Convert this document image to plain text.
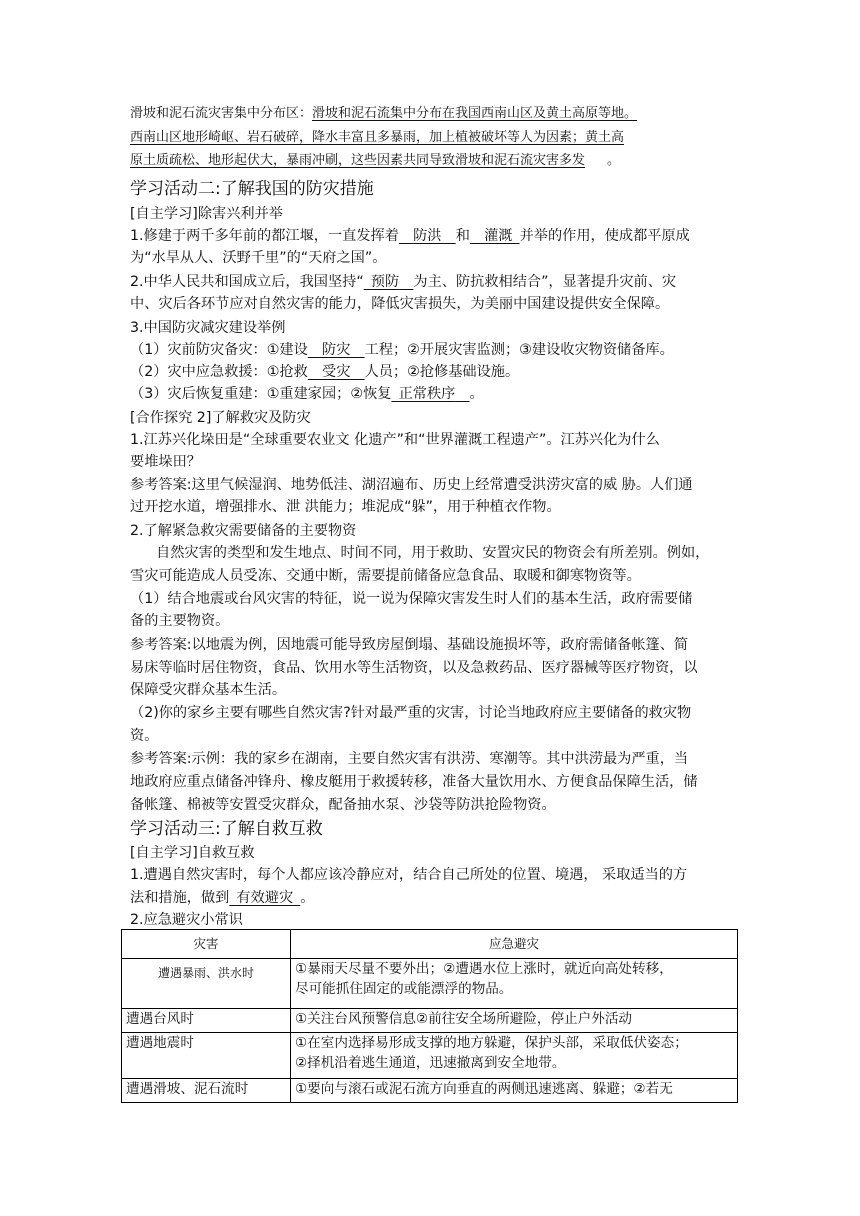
滑坡和泥石流灾害集中分布区：滑坡和泥石流集中分布在我国西南山区及黄土高原等地。
西南山区地形崎岖、岩石破碎，降水丰富且多暴雨，加上植被破坏等人为因素；黄土高
原土质疏松、地形起伏大，暴雨冲刷，这些因素共同导致滑坡和泥石流灾害多发 。
学习活动二:了解我国的防灾措施
[自主学习]除害兴利并举
1.修建于两千多年前的都江堰，一直发挥着  防洪  和  灌溉  并举的作用，使成都平原成
为“水旱从人、沃野千里”的“天府之国”。
2.中华人民共和国成立后，我国坚持“  预防  为主、防抗救相结合”，显著提升灾前、灾
中、灾后各环节应对自然灾害的能力，降低灾害损失，为美丽中国建设提供安全保障。
3.中国防灾减灾建设举例
（1）灾前防灾备灾：①建设  防灾  工程；②开展灾害监测；③建设收灾物资储备库。
（2）灾中应急救援：①抢救  受灾  人员；②抢修基础设施。
（3）灾后恢复重建：①重建家园；②恢复  正常秩序  。
[合作探究 2]了解救灾及防灾
1.江苏兴化垛田是“全球重要农业文 化遗产”和“世界灌溉工程遗产”。江苏兴化为什么
要堆垛田？
参考答案:这里气候湿润、地势低洼、湖沼遍布、历史上经常遭受洪涝灾富的威 胁。人们通
过开挖水道，增强排水、泄 洪能力；堆泥成“躲”，用于种植衣作物。
2.了解紧急救灾需要储备的主要物资
自然灾害的类型和发生地点、时间不同，用于救助、安置灾民的物资会有所差别。例如，
雪灾可能造成人员受冻、交通中断，需要提前储备应急食品、取暖和御寒物资等。
（1）结合地震或台风灾害的特征，说一说为保障灾害发生时人们的基本生活，政府需要储
备的主要物资。
参考答案:以地震为例，因地震可能导致房屋倒塌、基础设施损坏等，政府需储备帐篷、简
易床等临时居住物资，食品、饮用水等生活物资，以及急救药品、医疗器械等医疗物资，以
保障受灾群众基本生活。
（2)你的家乡主要有哪些自然灾害?针对最严重的灾害，讨论当地政府应主要储备的救灾物
资。
参考答案:示例：我的家乡在湖南，主要自然灾害有洪涝、寒潮等。其中洪涝最为严重，当
地政府应重点储备冲锋舟、橡皮艇用于救援转移，准备大量饮用水、方便食品保障生活，储
备帐篷、棉被等安置受灾群众，配备抽水泵、沙袋等防洪抢险物资。
学习活动三:了解自救互救
[自主学习]自救互救
1.遭遇自然灾害时，每个人都应该冷静应对，结合自己所处的位置、境遇， 采取适当的方
法和措施，做到  有效避灾  。
2.应急避灾小常识
灾害	应急避灾
遭遇暴雨、洪水时	①暴雨天尽量不要外出；②遭遇水位上涨时，就近向高处转移，
尽可能抓住固定的或能漂浮的物品。

遭遇台风时	①关注台风预警信息②前往安全场所避险，停止户外活动

遭遇地震时	①在室内选择易形成支撑的地方躲避，保护头部，采取低伏姿态；
②择机沿着逃生通道，迅速撤离到安全地带。

遭遇滑坡、泥石流时	①要向与滚石或泥石流方向垂直的两侧迅速逃离、躲避；②若无
